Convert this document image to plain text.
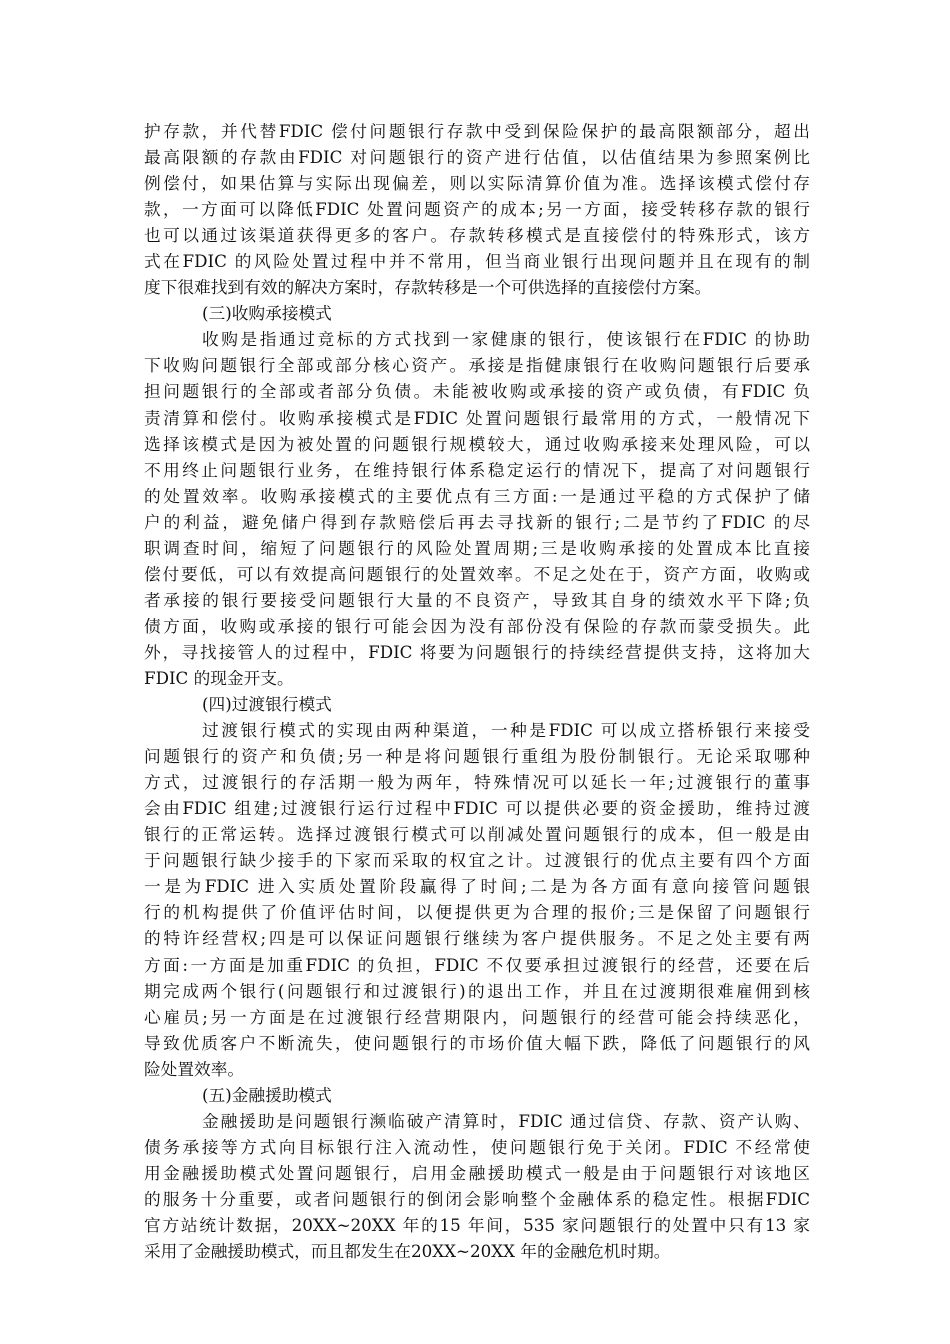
护存款，并代替FDIC 偿付问题银行存款中受到保险保护的最高限额部分，超出
最高限额的存款由FDIC 对问题银行的资产进行估值，以估值结果为参照案例比
例偿付，如果估算与实际出现偏差，则以实际清算价值为准。选择该模式偿付存
款，一方面可以降低FDIC 处置问题资产的成本;另一方面，接受转移存款的银行
也可以通过该渠道获得更多的客户。存款转移模式是直接偿付的特殊形式，该方
式在FDIC 的风险处置过程中并不常用，但当商业银行出现问题并且在现有的制
度下很难找到有效的解决方案时，存款转移是一个可供选择的直接偿付方案。
(三)收购承接模式
收购是指通过竞标的方式找到一家健康的银行，使该银行在FDIC 的协助
下收购问题银行全部或部分核心资产。承接是指健康银行在收购问题银行后要承
担问题银行的全部或者部分负债。未能被收购或承接的资产或负债，有FDIC 负
责清算和偿付。收购承接模式是FDIC 处置问题银行最常用的方式，一般情况下
选择该模式是因为被处置的问题银行规模较大，通过收购承接来处理风险，可以
不用终止问题银行业务，在维持银行体系稳定运行的情况下，提高了对问题银行
的处置效率。收购承接模式的主要优点有三方面:一是通过平稳的方式保护了储
户的利益，避免储户得到存款赔偿后再去寻找新的银行;二是节约了FDIC 的尽
职调查时间，缩短了问题银行的风险处置周期;三是收购承接的处置成本比直接
偿付要低，可以有效提高问题银行的处置效率。不足之处在于，资产方面，收购或
者承接的银行要接受问题银行大量的不良资产，导致其自身的绩效水平下降;负
债方面，收购或承接的银行可能会因为没有部份没有保险的存款而蒙受损失。此
外，寻找接管人的过程中，FDIC 将要为问题银行的持续经营提供支持，这将加大
FDIC 的现金开支。
(四)过渡银行模式
过渡银行模式的实现由两种渠道，一种是FDIC 可以成立搭桥银行来接受
问题银行的资产和负债;另一种是将问题银行重组为股份制银行。无论采取哪种
方式，过渡银行的存活期一般为两年，特殊情况可以延长一年;过渡银行的董事
会由FDIC 组建;过渡银行运行过程中FDIC 可以提供必要的资金援助，维持过渡
银行的正常运转。选择过渡银行模式可以削减处置问题银行的成本，但一般是由
于问题银行缺少接手的下家而采取的权宜之计。过渡银行的优点主要有四个方面
一是为FDIC 进入实质处置阶段赢得了时间;二是为各方面有意向接管问题银
行的机构提供了价值评估时间，以便提供更为合理的报价;三是保留了问题银行
的特许经营权;四是可以保证问题银行继续为客户提供服务。不足之处主要有两
方面:一方面是加重FDIC 的负担，FDIC 不仅要承担过渡银行的经营，还要在后
期完成两个银行(问题银行和过渡银行)的退出工作，并且在过渡期很难雇佣到核
心雇员;另一方面是在过渡银行经营期限内，问题银行的经营可能会持续恶化，
导致优质客户不断流失，使问题银行的市场价值大幅下跌，降低了问题银行的风
险处置效率。
(五)金融援助模式
金融援助是问题银行濒临破产清算时，FDIC 通过信贷、存款、资产认购、
债务承接等方式向目标银行注入流动性，使问题银行免于关闭。FDIC 不经常使
用金融援助模式处置问题银行，启用金融援助模式一般是由于问题银行对该地区
的服务十分重要，或者问题银行的倒闭会影响整个金融体系的稳定性。根据FDIC
官方站统计数据，20XX~20XX 年的15 年间，535 家问题银行的处置中只有13 家
采用了金融援助模式，而且都发生在20XX~20XX 年的金融危机时期。
